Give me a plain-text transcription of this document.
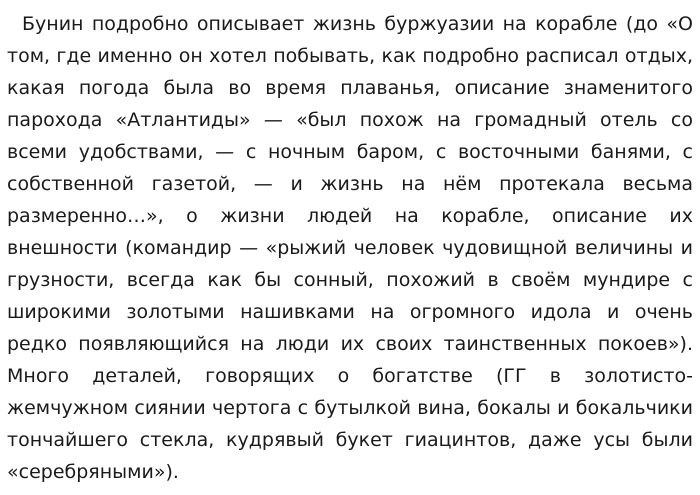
Бунин подробно описывает жизнь буржуазии на корабле (до «О том, где именно он хотел побывать, как подробно расписал отдых, какая погода была во время плаванья, описание знаменитого парохода «Атлантиды» — «был похож на громадный отель со всеми удобствами, — с ночным баром, с восточными банями, с собственной газетой, — и жизнь на нём протекала весьма размеренно…», о жизни людей на корабле, описание их внешности (командир — «рыжий человек чудовищной величины и грузности, всегда как бы сонный, похожий в своём мундире с широкими золотыми нашивками на огромного идола и очень редко появляющийся на люди их своих таинственных покоев»). Много деталей, говорящих о богатстве (ГГ в золотисто-жемчужном сиянии чертога с бутылкой вина, бокалы и бокальчики тончайшего стекла, кудрявый букет гиацинтов, даже усы были «серебряными»).
